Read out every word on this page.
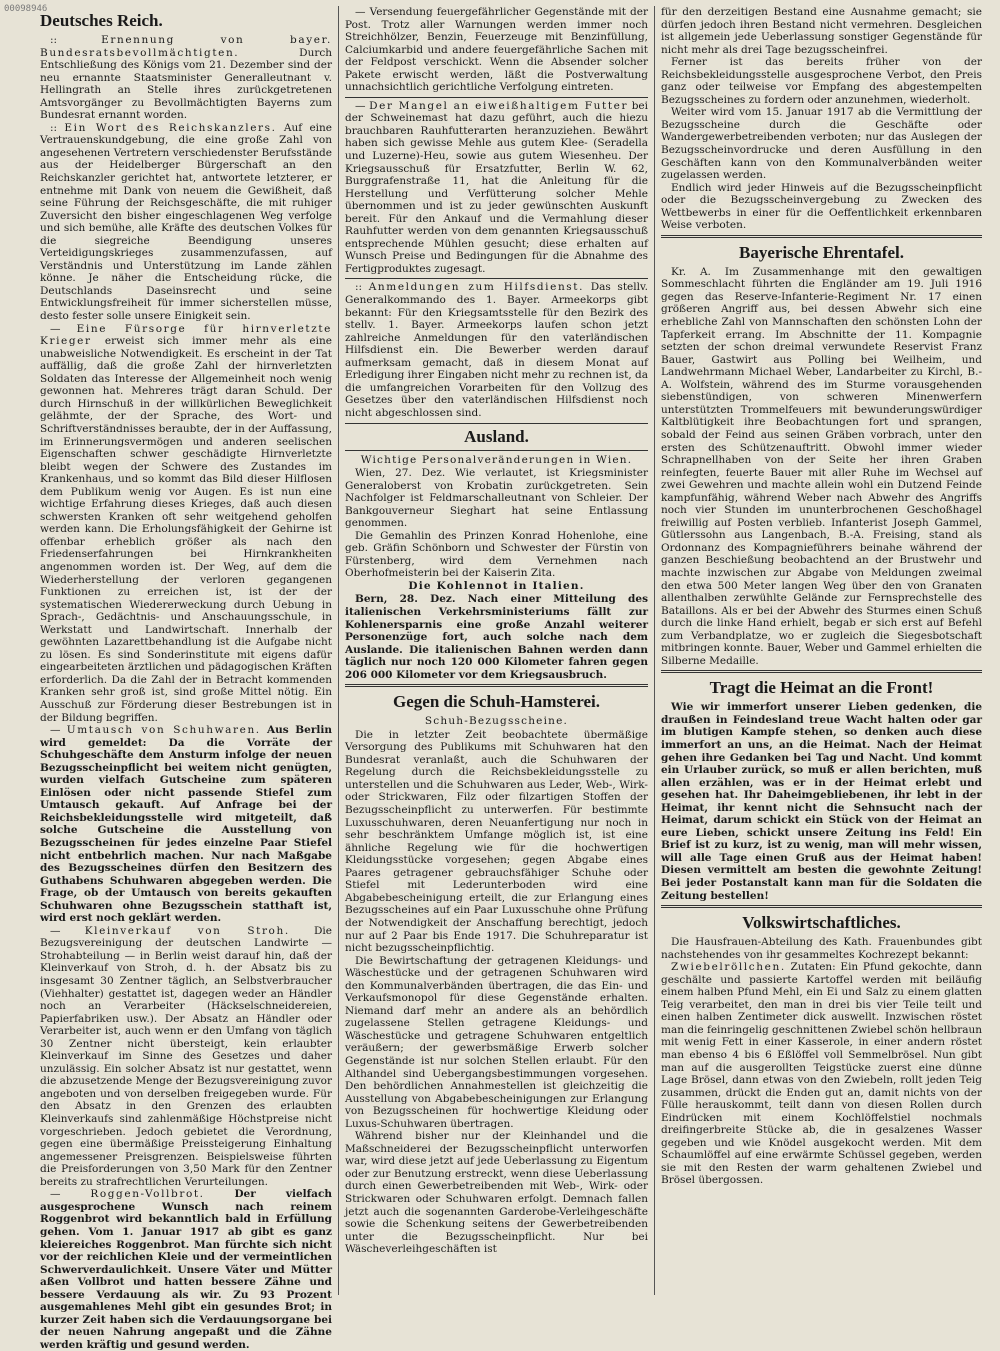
00098946
Deutsches Reich.

:: Ernennung von bayer. Bundesratsbevollmächtigten.	Durch Entschließung des Königs vom 21. Dezember sind der neu ernannte Staatsminister Generalleutnant v. Hellingrath an Stelle ihres zurückgetretenen Amtsvorgänger zu Bevollmächtigten Bayerns zum Bundesrat ernannt worden.

:: Ein Wort des Reichskanzlers. Auf eine Vertrauenskundgebung, die eine große Zahl von angesehenen Vertretern verschiedenster Berufsstände aus der Heidelberger Bürgerschaft an den Reichskanzler gerichtet hat, antwortete letzterer, er entnehme mit Dank von neuem die Gewißheit, daß seine Führung der Reichsgeschäfte, die mit ruhiger Zuversicht den bisher eingeschlagenen Weg verfolge und sich bemühe, alle Kräfte des deutschen Volkes für die siegreiche Beendigung unseres Verteidigungskrieges zusammenzufassen, auf Verständnis und Unterstützung im Lande zählen könne. Je näher die Entscheidung rücke, die Deutschlands Daseinsrecht und seine Entwicklungsfreiheit für immer sicherstellen müsse, desto fester solle unsere Einigkeit sein.

— Eine Fürsorge für hirnverletzte Krieger erweist sich immer mehr als eine unabweisliche Notwendigkeit. Es erscheint in der Tat auffällig, daß die große Zahl der hirnverletzten Soldaten das Interesse der Allgemeinheit noch wenig gewonnen hat. Mehreres trägt daran Schuld. Der durch Hirnschuß in der willkürlichen Beweglichkeit gelähmte, der der Sprache, des Wort- und Schriftverständnisses beraubte, der in der Auffassung, im Erinnerungsvermögen und anderen seelischen Eigenschaften schwer geschädigte Hirnverletzte bleibt wegen der Schwere des Zustandes im Krankenhaus, und so kommt das Bild dieser Hilflosen dem Publikum wenig vor Augen. Es ist nun eine wichtige Erfahrung dieses Krieges, daß auch diesen schwersten Kranken oft sehr weitgehend geholfen werden kann. Die Erholungsfähigkeit der Gehirne ist offenbar erheblich größer als nach den Friedenserfahrungen bei Hirnkrankheiten angenommen worden ist. Der Weg, auf dem die Wiederherstellung der verloren gegangenen Funktionen zu erreichen ist, ist der der systematischen Wiedererweckung durch Uebung in Sprach-, Gedächtnis- und Anschauungsschule, in Werkstatt und Landwirtschaft. Innerhalb der gewöhnten Lazarettbehandlung ist die Aufgabe nicht zu lösen. Es sind Sonderinstitute mit eigens dafür eingearbeiteten ärztlichen und pädagogischen Kräften erforderlich. Da die Zahl der in Betracht kommenden Kranken sehr groß ist, sind große Mittel nötig. Ein Ausschuß zur Förderung dieser Bestrebungen ist in der Bildung begriffen.

— Umtausch von Schuhwaren. Aus Berlin wird gemeldet: Da die Vorräte der Schuhgeschäfte dem Ansturm infolge der neuen Bezugsscheinpflicht bei weitem nicht genügten, wurden vielfach Gutscheine zum späteren Einlösen oder nicht passende Stiefel zum Umtausch gekauft. Auf Anfrage bei der Reichsbekleidungsstelle wird mitgeteilt, daß solche Gutscheine die Ausstellung von Bezugsscheinen für jedes einzelne Paar Stiefel nicht entbehrlich machen. Nur nach Maßgabe des Bezugsscheines dürfen den Besitzern des Guthabens Schuhwaren abgegeben werden. Die Frage, ob der Umtausch von bereits gekauften Schuhwaren ohne Bezugsschein statthaft ist, wird erst noch geklärt werden.

— Kleinverkauf von Stroh. Die Bezugsvereinigung der deutschen Landwirte — Strohabteilung — in Berlin weist darauf hin, daß der Kleinverkauf von Stroh, d. h. der Absatz bis zu insgesamt 30 Zentner täglich, an Selbstverbraucher (Viehhalter) gestattet ist, dagegen weder an Händler noch an Verarbeiter (Häckselschneidereien, Papierfabriken usw.). Der Absatz an Händler oder Verarbeiter ist, auch wenn er den Umfang von täglich 30 Zentner nicht übersteigt, kein erlaubter Kleinverkauf im Sinne des Gesetzes und daher unzulässig. Ein solcher Absatz ist nur gestattet, wenn die abzusetzende Menge der Bezugsvereinigung zuvor angeboten und von derselben freigegeben wurde. Für den Absatz in den Grenzen des erlaubten Kleinverkaufs sind zahlenmäßige Höchstpreise nicht vorgeschrieben. Jedoch gebietet die Verordnung, gegen eine übermäßige Preissteigerung Einhaltung angemessener Preisgrenzen. Beispielsweise führten die Preisforderungen von 3,50 Mark für den Zentner bereits zu strafrechtlichen Verurteilungen.

— Roggen-Vollbrot.	Der vielfach ausgesprochene Wunsch nach reinem Roggenbrot wird bekanntlich bald in Erfüllung gehen. Vom 1. Januar 1917 ab gibt es ganz kleiereiches Roggenbrot. Man fürchte sich nicht vor der reichlichen Kleie und der vermeintlichen Schwerverdaulichkeit. Unsere Väter und Mütter aßen Vollbrot und hatten bessere Zähne und bessere Verdauung als wir. Zu 93 Prozent ausgemahlenes Mehl gibt ein gesundes Brot; in kurzer Zeit haben sich die Verdauungsorgane bei der neuen Nahrung angepaßt und die Zähne werden kräftig und gesund werden.

— Versendung feuergefährlicher Gegenstände mit der Post. Trotz aller Warnungen werden immer noch Streichhölzer, Benzin, Feuerzeuge mit Benzinfüllung, Calciumkarbid und andere feuergefährliche Sachen mit der Feldpost verschickt. Wenn die Absender solcher Pakete erwischt werden, läßt die Postverwaltung unnachsichtlich gerichtliche Verfolgung eintreten.

— Der Mangel an eiweißhaltigem Futter bei der Schweinemast hat dazu geführt, auch die hiezu brauchbaren Rauhfutterarten heranzuziehen. Bewährt haben sich gewisse Mehle aus gutem Klee- (Seradella und Luzerne)-Heu, sowie aus gutem Wiesenheu. Der Kriegsausschuß für Ersatzfutter, Berlin W. 62, Burggrafenstraße 11, hat die Anleitung für die Herstellung und Verfütterung solcher Mehle übernommen und ist zu jeder gewünschten Auskunft bereit. Für den Ankauf und die Vermahlung dieser Rauhfutter werden von dem genannten Kriegsausschuß entsprechende Mühlen gesucht; diese erhalten auf Wunsch Preise und Bedingungen für die Abnahme des Fertigproduktes zugesagt.

:: Anmeldungen zum Hilfsdienst. Das stellv. Generalkommando des 1. Bayer. Armeekorps gibt bekannt: Für den Kriegsamtsstelle für den Bezirk des stellv. 1. Bayer. Armeekorps laufen schon jetzt zahlreiche Anmeldungen für den vaterländischen Hilfsdienst ein. Die Bewerber werden darauf aufmerksam gemacht, daß in diesem Monat auf Erledigung ihrer Eingaben nicht mehr zu rechnen ist, da die umfangreichen Vorarbeiten für den Vollzug des Gesetzes über den vaterländischen Hilfsdienst noch nicht abgeschlossen sind.

Ausland.
Wichtige Personalveränderungen in Wien.

Wien, 27. Dez. Wie verlautet, ist Kriegsminister Generaloberst von Krobatin zurückgetreten. Sein Nachfolger ist Feldmarschalleutnant von Schleier. Der Bankgouverneur Sieghart hat seine Entlassung genommen.

Die Gemahlin des Prinzen Konrad Hohenlohe, eine geb. Gräfin Schönborn und Schwester der Fürstin von Fürstenberg, wird dem Vernehmen nach Oberhofmeisterin bei der Kaiserin Zita.

Die Kohlennot in Italien.

Bern, 28. Dez. Nach einer Mitteilung des italienischen Verkehrsministeriums fällt zur Kohlenersparnis eine große Anzahl weiterer Personenzüge fort, auch solche nach dem Auslande. Die italienischen Bahnen werden dann täglich nur noch 120 000 Kilometer fahren gegen 206 000 Kilometer vor dem Kriegsausbruch.

Gegen die Schuh-Hamsterei.
Schuh-Bezugsscheine.

Die in letzter Zeit beobachtete übermäßige Versorgung des Publikums mit Schuhwaren hat den Bundesrat veranlaßt, auch die Schuhwaren der Regelung durch die Reichsbekleidungsstelle zu unterstellen und die Schuhwaren aus Leder, Web-, Wirk- oder Strickwaren, Filz oder filzartigen Stoffen der Bezugsscheinpflicht zu unterwerfen. Für bestimmte Luxusschuhwaren, deren Neuanfertigung nur noch in sehr beschränktem Umfange möglich ist, ist eine ähnliche Regelung wie für die hochwertigen Kleidungsstücke vorgesehen; gegen Abgabe eines Paares getragener gebrauchsfähiger Schuhe oder Stiefel mit Lederunterboden wird eine Abgabebescheinigung erteilt, die zur Erlangung eines Bezugsscheines auf ein Paar Luxusschuhe ohne Prüfung der Notwendigkeit der Anschaffung berechtigt, jedoch nur auf 2 Paar bis Ende 1917. Die Schuhreparatur ist nicht bezugsscheinpflichtig.

Die Bewirtschaftung der getragenen Kleidungs- und Wäschestücke und der getragenen Schuhwaren wird den Kommunalverbänden übertragen, die das Ein- und Verkaufsmonopol für diese Gegenstände erhalten. Niemand darf mehr an andere als an behördlich zugelassene Stellen getragene Kleidungs- und Wäschestücke und getragene Schuhwaren entgeltlich veräußern; der gewerbsmäßige Erwerb solcher Gegenstände ist nur solchen Stellen erlaubt. Für den Althandel sind Uebergangsbestimmungen vorgesehen. Den behördlichen Annahmestellen ist gleichzeitig die Ausstellung von Abgabebescheinigungen zur Erlangung von Bezugsscheinen für hochwertige Kleidung oder Luxus-Schuhwaren übertragen.

Während bisher nur der Kleinhandel und die Maßschneiderei der Bezugsscheinpflicht unterworfen war, wird diese jetzt auf jede Ueberlassung zu Eigentum oder zur Benutzung erstreckt, wenn diese Ueberlassung durch einen Gewerbetreibenden mit Web-, Wirk- oder Strickwaren oder Schuhwaren erfolgt. Demnach fallen jetzt auch die sogenannten Garderobe-Verleihgeschäfte sowie die Schenkung seitens der Gewerbetreibenden unter die Bezugsscheinpflicht. Nur bei Wäscheverleihgeschäften ist

für den derzeitigen Bestand eine Ausnahme gemacht; sie dürfen jedoch ihren Bestand nicht vermehren. Desgleichen ist allgemein jede Ueberlassung sonstiger Gegenstände für nicht mehr als drei Tage bezugsscheinfrei.

Ferner ist das bereits früher von der Reichsbekleidungsstelle ausgesprochene Verbot, den Preis ganz oder teilweise vor Empfang des abgestempelten Bezugsscheines zu fordern oder anzunehmen, wiederholt.

Weiter wird vom 15. Januar 1917 ab die Vermittlung der Bezugsscheine durch die Geschäfte oder Wandergewerbetreibenden verboten; nur das Auslegen der Bezugsscheinvordrucke und deren Ausfüllung in den Geschäften kann von den Kommunalverbänden weiter zugelassen werden.

Endlich wird jeder Hinweis auf die Bezugsscheinpflicht oder die Bezugsscheinvergebung zu Zwecken des Wettbewerbs in einer für die Oeffentlichkeit erkennbaren Weise verboten.

Bayerische Ehrentafel.

Kr. A. Im Zusammenhange mit den gewaltigen Sommeschlacht führten die Engländer am 19. Juli 1916 gegen das Reserve-Infanterie-Regiment Nr. 17 einen größeren Angriff aus, bei dessen Abwehr sich eine erhebliche Zahl von Mannschaften den schönsten Lohn der Tapferkeit errang. Im Abschnitte der 11. Kompagnie setzten der schon dreimal verwundete Reservist Franz Bauer, Gastwirt aus Polling bei Weilheim, und Landwehrmann Michael Weber, Landarbeiter zu Kirchl, B.-A. Wolfstein, während des im Sturme vorausgehenden siebenstündigen, von schweren Minenwerfern unterstützten Trommelfeuers mit bewunderungswürdiger Kaltblütigkeit ihre Beobachtungen fort und sprangen, sobald der Feind aus seinen Gräben vorbrach, unter den ersten des Schützenauftritt. Obwohl immer wieder Schrapnellhaben von der Seite her ihren Graben reinfegten, feuerte Bauer mit aller Ruhe im Wechsel auf zwei Gewehren und machte allein wohl ein Dutzend Feinde kampfunfähig, während Weber nach Abwehr des Angriffs noch vier Stunden im ununterbrochenen Geschoßhagel freiwillig auf Posten verblieb. Infanterist Joseph Gammel, Gütlerssohn aus Langenbach, B.-A. Freising, stand als Ordonnanz des Kompagnieführers beinahe während der ganzen Beschießung beobachtend an der Brustwehr und machte inzwischen zur Abgabe von Meldungen zweimal den etwa 500 Meter langen Weg über den von Granaten allenthalben zerwühlte Gelände zur Fernsprechstelle des Bataillons. Als er bei der Abwehr des Sturmes einen Schuß durch die linke Hand erhielt, begab er sich erst auf Befehl zum Verbandplatze, wo er zugleich die Siegesbotschaft mitbringen konnte. Bauer, Weber und Gammel erhielten die Silberne Medaille.

Tragt die Heimat an die Front!

Wie wir immerfort unserer Lieben gedenken, die draußen in Feindesland treue Wacht halten oder gar im blutigen Kampfe stehen, so denken auch diese immerfort an uns, an die Heimat. Nach der Heimat gehen ihre Gedanken bei Tag und Nacht. Und kommt ein Urlauber zurück, so muß er allen berichten, muß allen erzählen, was er in der Heimat erlebt und gesehen hat. Ihr Daheimgebliebenen, ihr lebt in der Heimat, ihr kennt nicht die Sehnsucht nach der Heimat, darum schickt ein Stück von der Heimat an eure Lieben, schickt unsere Zeitung ins Feld! Ein Brief ist zu kurz, ist zu wenig, man will mehr wissen, will alle Tage einen Gruß aus der Heimat haben! Diesen vermittelt am besten die gewohnte Zeitung! Bei jeder Postanstalt kann man für die Soldaten die Zeitung bestellen!

Volkswirtschaftliches.

Die Hausfrauen-Abteilung des Kath. Frauenbundes gibt nachstehendes von ihr gesammeltes Kochrezept bekannt:

Zwiebelröllchen. Zutaten: Ein Pfund gekochte, dann geschälte und passierte Kartoffel werden mit beiläufig einem halben Pfund Mehl, ein Ei und Salz zu einem glatten Teig verarbeitet, den man in drei bis vier Teile teilt und einen halben Zentimeter dick auswellt. Inzwischen röstet man die feinringelig geschnittenen Zwiebel schön hellbraun mit wenig Fett in einer Kasserole, in einer andern röstet man ebenso 4 bis 6 Eßlöffel voll Semmelbrösel. Nun gibt man auf die ausgerollten Teigstücke zuerst eine dünne Lage Brösel, dann etwas von den Zwiebeln, rollt jeden Teig zusammen, drückt die Enden gut an, damit nichts von der Fülle herauskommt, teilt dann von diesen Rollen durch Eindrücken mit einem Kochlöffelstiel nochmals dreifingerbreite Stücke ab, die in gesalzenes Wasser gegeben und wie Knödel ausgekocht werden. Mit dem Schaumlöffel auf eine erwärmte Schüssel gegeben, werden sie mit den Resten der warm gehaltenen Zwiebel und Brösel übergossen.
